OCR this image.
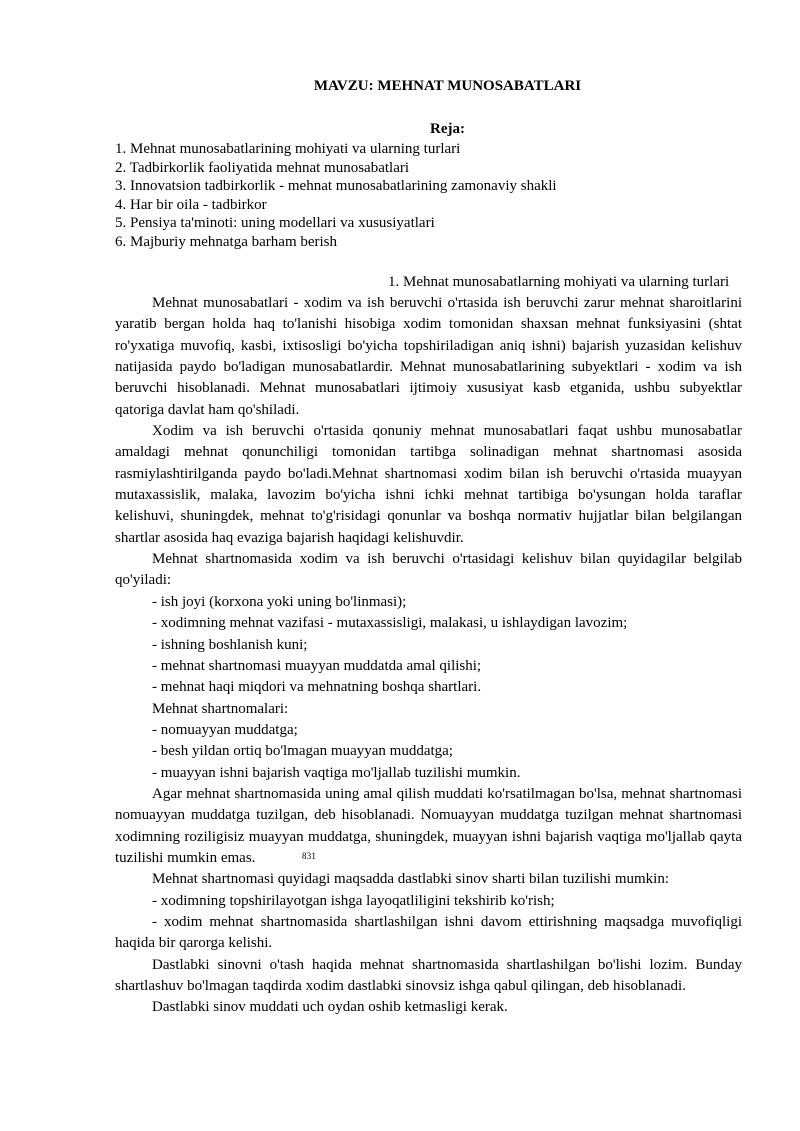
MAVZU: MEHNAT MUNOSABATLARI
Reja:
1. Mehnat munosabatlarining mohiyati va ularning turlari
2. Tadbirkorlik faoliyatida mehnat munosabatlari
3. Innovatsion tadbirkorlik - mehnat munosabatlarining zamonaviy shakli
4. Har bir oila - tadbirkor
5. Pensiya ta'minoti: uning modellari va xususiyatlari
6. Majburiy mehnatga barham berish
1. Mehnat munosabatlarning mohiyati va ularning turlari

Mehnat munosabatlari - xodim va ish beruvchi o'rtasida ish beruvchi zarur mehnat sharoitlarini yaratib bergan holda haq to'lanishi hisobiga xodim tomonidan shaxsan mehnat funksiyasini (shtat ro'yxatiga muvofiq, kasbi, ixtisosligi bo'yicha topshiriladigan aniq ishni) bajarish yuzasidan kelishuv natijasida paydo bo'ladigan munosabatlardir. Mehnat munosabatlarining subyektlari - xodim va ish beruvchi hisoblanadi. Mehnat munosabatlari ijtimoiy xususiyat kasb etganida, ushbu subyektlar qatoriga davlat ham qo'shiladi.

Xodim va ish beruvchi o'rtasida qonuniy mehnat munosabatlari faqat ushbu munosabatlar amaldagi mehnat qonunchiligi tomonidan tartibga solinadigan mehnat shartnomasi asosida rasmiylashtirilganda paydo bo'ladi.Mehnat shartnomasi xodim bilan ish beruvchi o'rtasida muayyan mutaxassislik, malaka, lavozim bo'yicha ishni ichki mehnat tartibiga bo'ysungan holda taraflar kelishuvi, shuningdek, mehnat to'g'risidagi qonunlar va boshqa normativ hujjatlar bilan belgilangan shartlar asosida haq evaziga bajarish haqidagi kelishuvdir.

Mehnat shartnomasida xodim va ish beruvchi o'rtasidagi kelishuv bilan quyidagilar belgilab qo'yiladi:

- ish joyi (korxona yoki uning bo'linmasi);
- xodimning mehnat vazifasi - mutaxassisligi, malakasi, u ishlaydigan lavozim;
- ishning boshlanish kuni;
- mehnat shartnomasi muayyan muddatda amal qilishi;
- mehnat haqi miqdori va mehnatning boshqa shartlari.
Mehnat shartnomalari:
- nomuayyan muddatga;
- besh yildan ortiq bo'lmagan muayyan muddatga;
- muayyan ishni bajarish vaqtiga mo'ljallab tuzilishi mumkin.

Agar mehnat shartnomasida uning amal qilish muddati ko'rsatilmagan bo'lsa, mehnat shartnomasi nomuayyan muddatga tuzilgan, deb hisoblanadi. Nomuayyan muddatga tuzilgan mehnat shartnomasi xodimning roziligisiz muayyan muddatga, shuningdek, muayyan ishni bajarish vaqtiga mo'ljallab qayta tuzilishi mumkin emas.

Mehnat shartnomasi quyidagi maqsadda dastlabki sinov sharti bilan tuzilishi mumkin:

- xodimning topshirilayotgan ishga layoqatliligini tekshirib ko'rish;

- xodim mehnat shartnomasida shartlashilgan ishni davom ettirishning maqsadga muvofiqligi haqida bir qarorga kelishi.

Dastlabki sinovni o'tash haqida mehnat shartnomasida shartlashilgan bo'lishi lozim. Bunday shartlashuv bo'lmagan taqdirda xodim dastlabki sinovsiz ishga qabul qilingan, deb hisoblanadi.

Dastlabki sinov muddati uch oydan oshib ketmasligi kerak.

831
